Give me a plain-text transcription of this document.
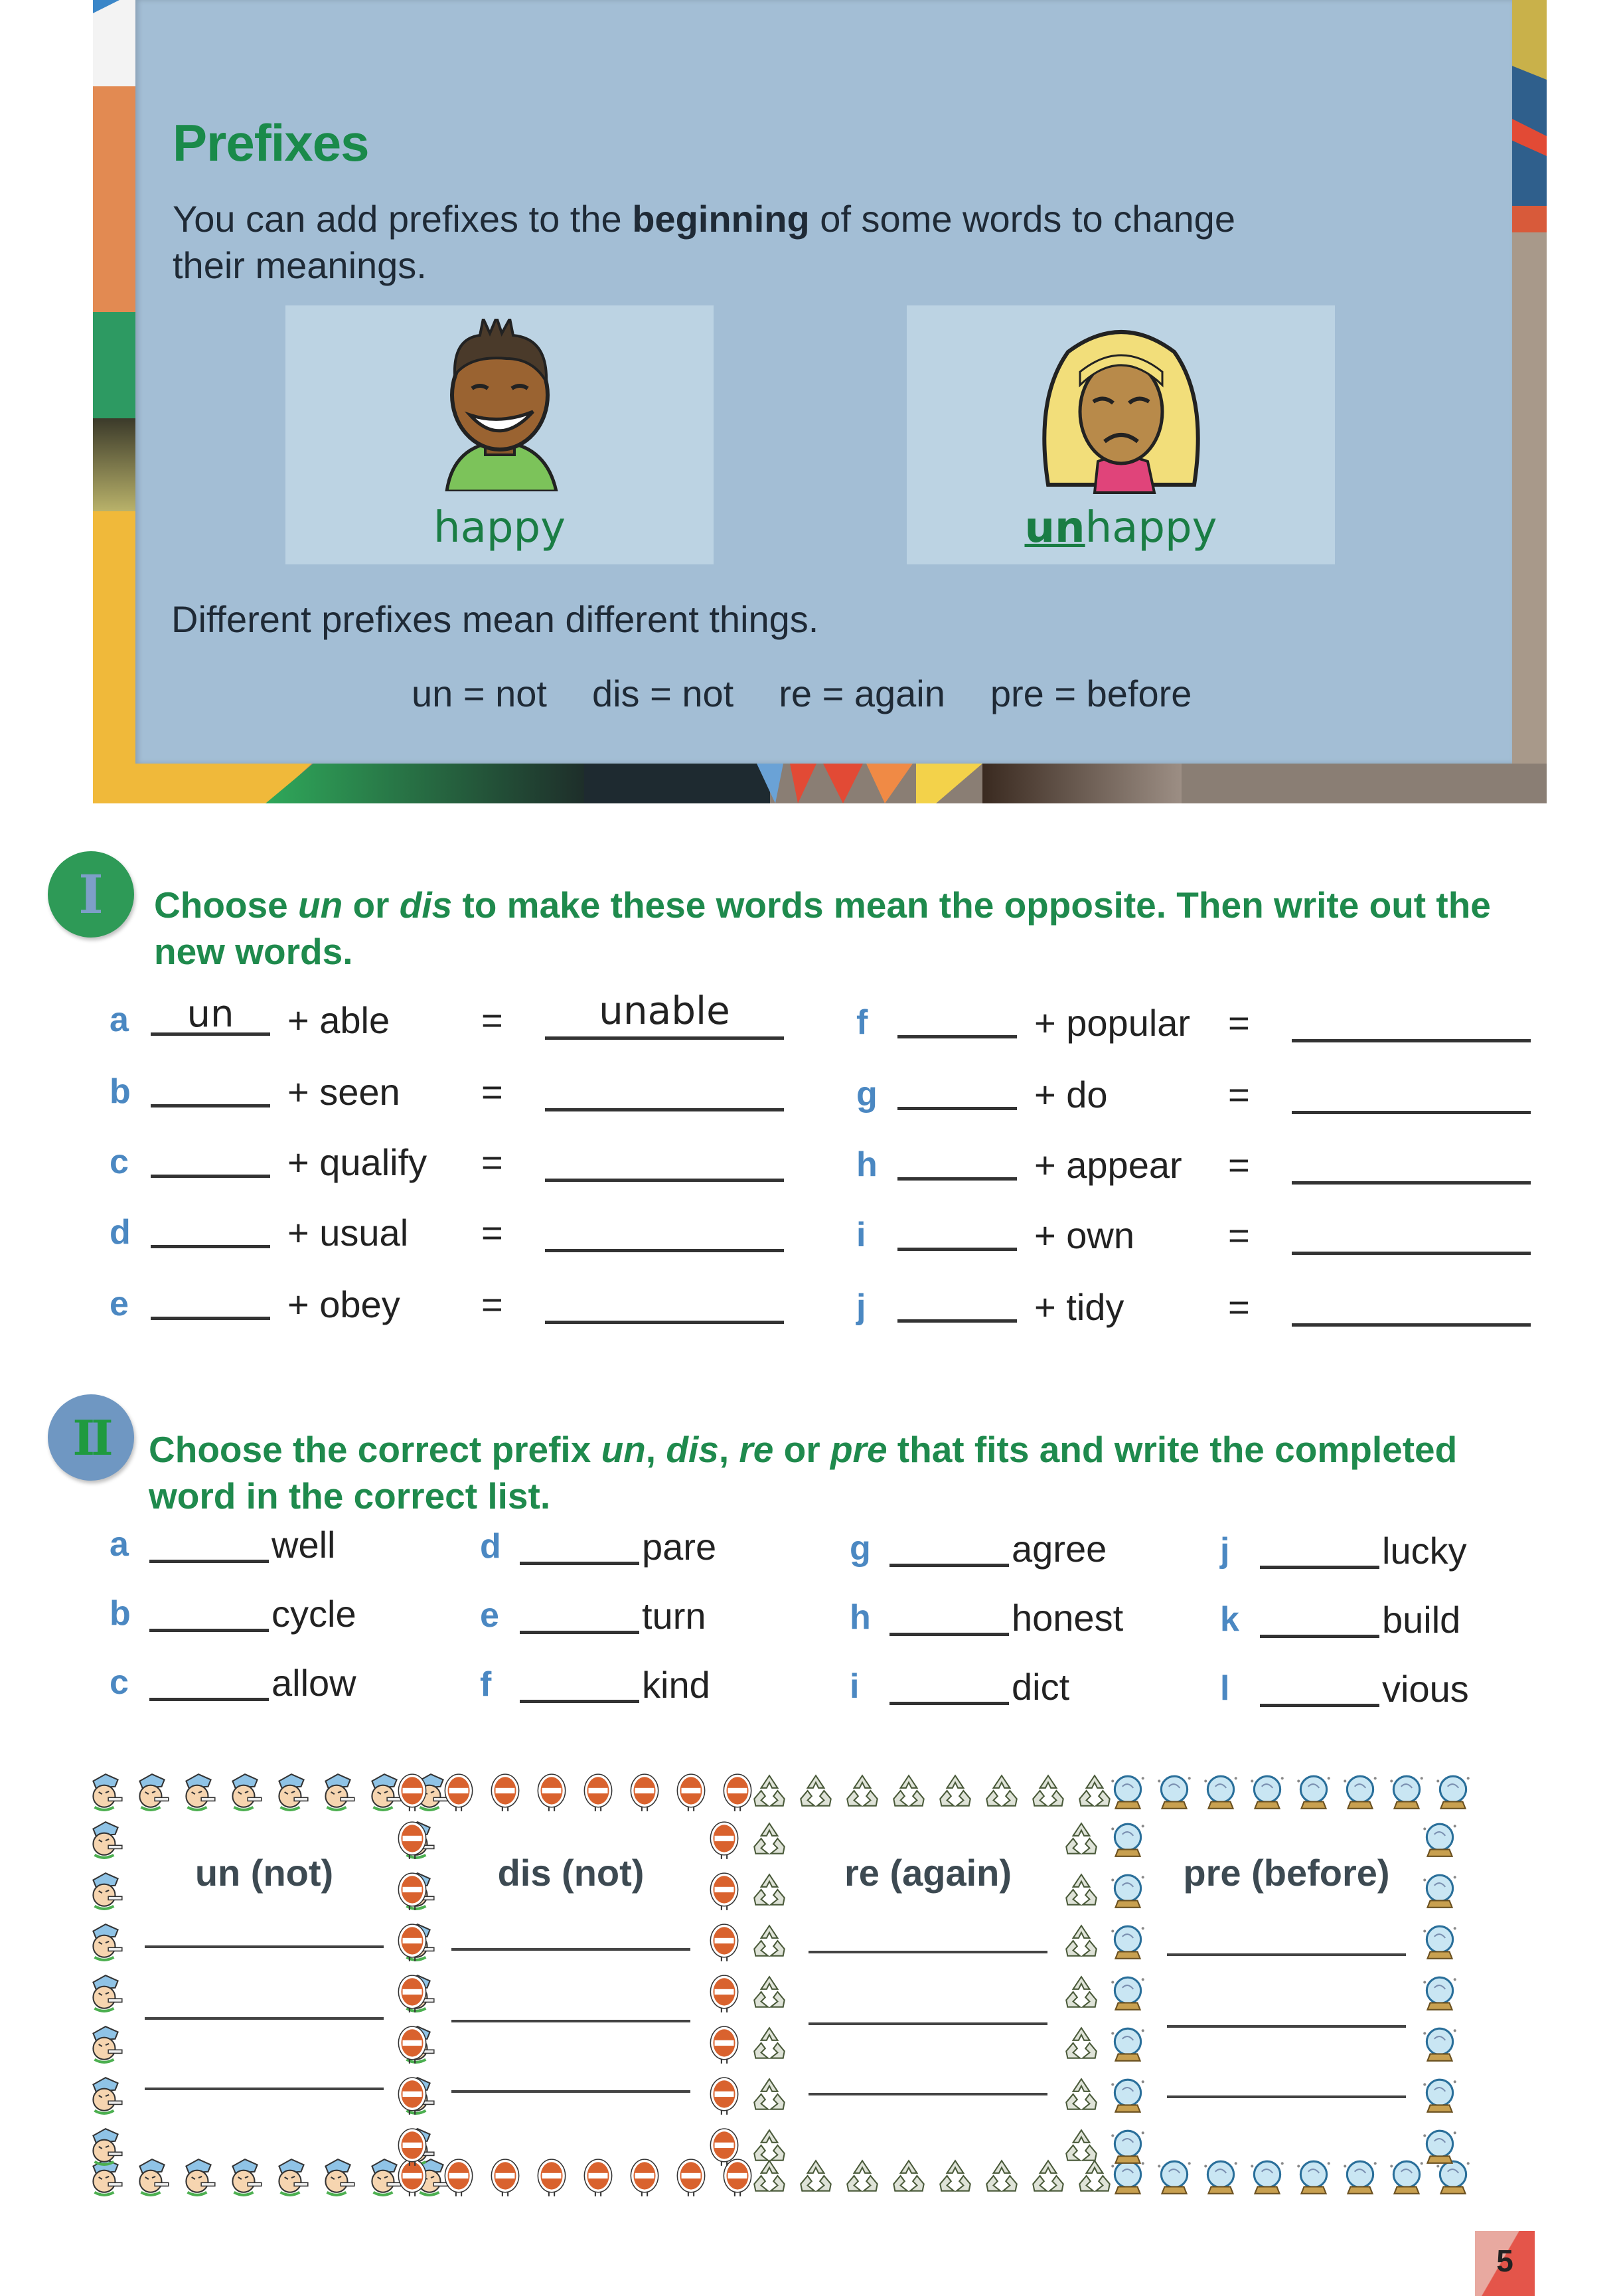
Prefixes
You can add prefixes to the beginning of some words to change their meanings.
happy	unhappy
Different prefixes mean different things.
un = not dis = not re = again pre = before
I	Choose un or dis to make these words mean the opposite. Then write out the new words.
a	un	+ able =	unable
b	+ seen =
c	+ qualify =
d	+ usual =
e	+ obey =
f	+ popular =
g	+ do	=
h	+ appear =
i	+ own	=
j	+ tidy	=
II	Choose the correct prefix un, dis, re or pre that fits and write the completed word in the correct list.
a	well
b	cycle
c	allow
d	pare
e	turn
f	kind
g	agree
h	honest
i	dict
j	lucky
k	build
l	vious
un (not)	dis (not)	re (again)	pre (before)
5
